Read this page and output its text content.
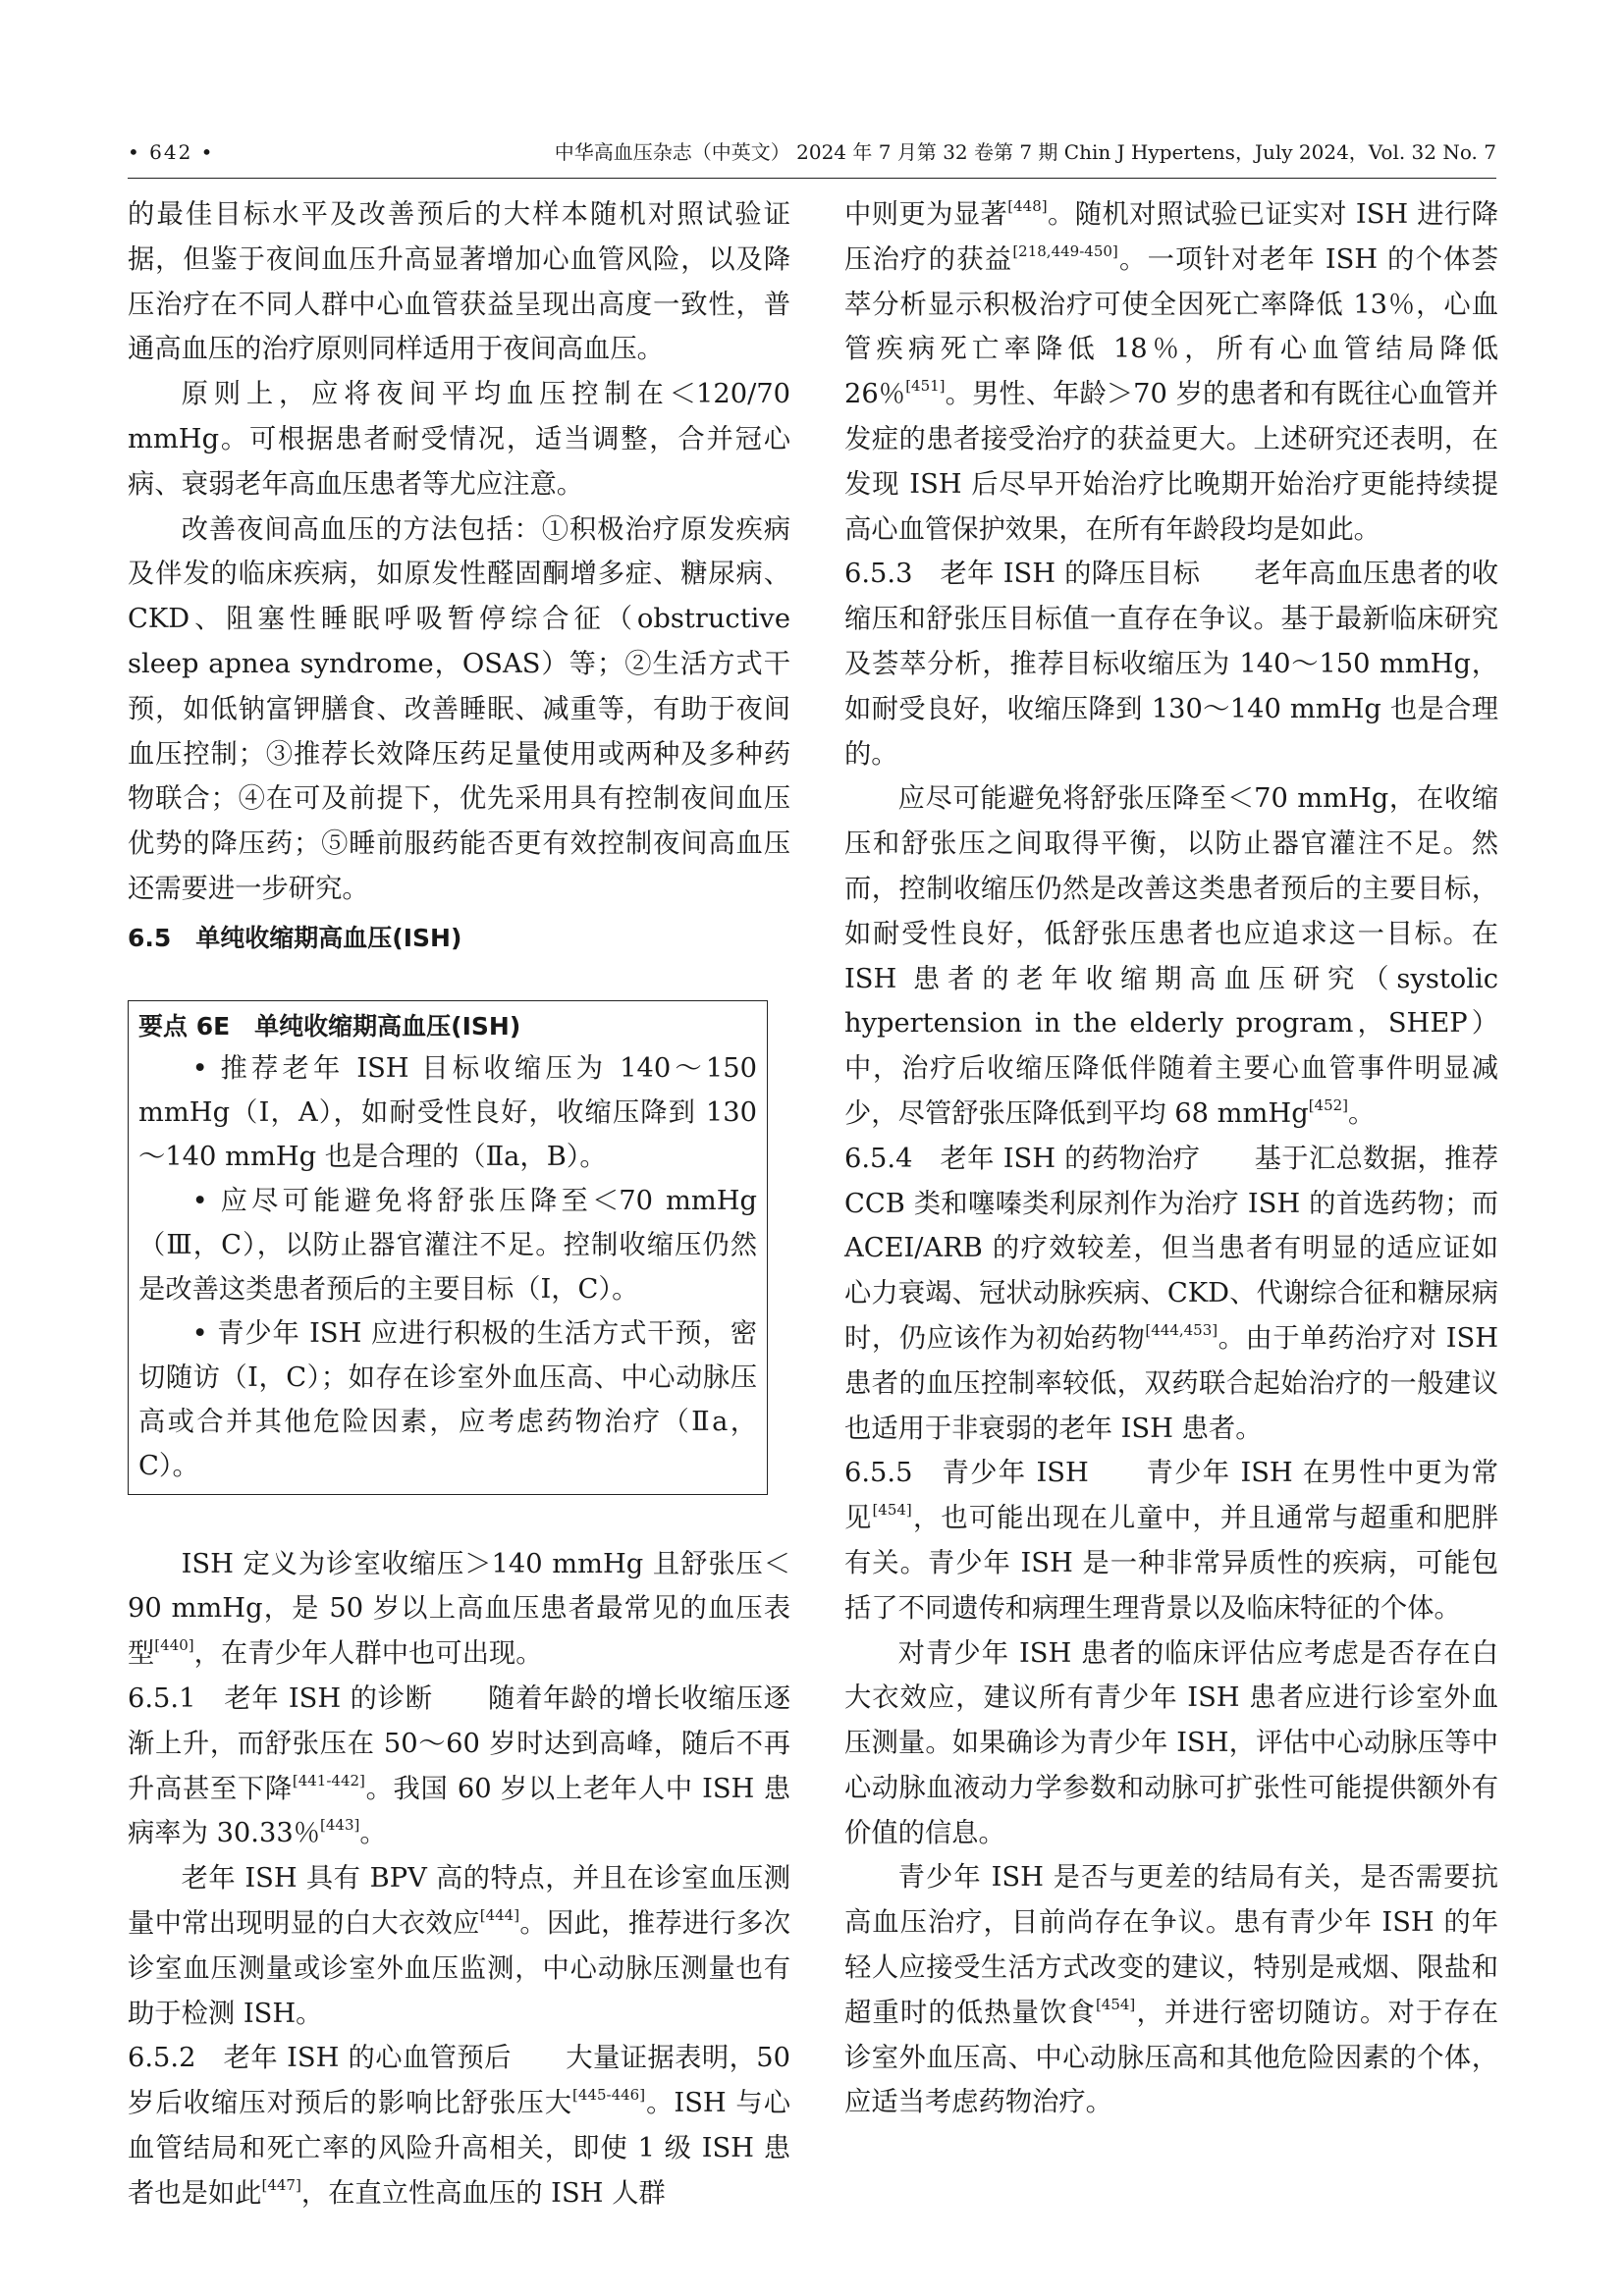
• 642 •	中华高血压杂志（中英文） 2024 年 7 月第 32 卷第 7 期 Chin J Hypertens，July 2024，Vol. 32 No. 7

的最佳目标水平及改善预后的大样本随机对照试验证据，但鉴于夜间血压升高显著增加心血管风险，以及降压治疗在不同人群中心血管获益呈现出高度一致性，普通高血压的治疗原则同样适用于夜间高血压。

原则上，应将夜间平均血压控制在＜120/70 mmHg。可根据患者耐受情况，适当调整，合并冠心病、衰弱老年高血压患者等尤应注意。

改善夜间高血压的方法包括：①积极治疗原发疾病及伴发的临床疾病，如原发性醛固酮增多症、糖尿病、CKD、阻塞性睡眠呼吸暂停综合征（obstructive sleep apnea syndrome，OSAS）等；②生活方式干预，如低钠富钾膳食、改善睡眠、减重等，有助于夜间血压控制；③推荐长效降压药足量使用或两种及多种药物联合；④在可及前提下，优先采用具有控制夜间血压优势的降压药；⑤睡前服药能否更有效控制夜间高血压还需要进一步研究。

6.5　单纯收缩期高血压(ISH)
要点 6E　单纯收缩期高血压(ISH)

• 推荐老年 ISH 目标收缩压为 140～150 mmHg（Ⅰ，A），如耐受性良好，收缩压降到 130～140 mmHg 也是合理的（Ⅱa，B）。

• 应尽可能避免将舒张压降至＜70 mmHg（Ⅲ，C），以防止器官灌注不足。控制收缩压仍然是改善这类患者预后的主要目标（Ⅰ，C）。

• 青少年 ISH 应进行积极的生活方式干预，密切随访（Ⅰ，C）；如存在诊室外血压高、中心动脉压高或合并其他危险因素，应考虑药物治疗（Ⅱa，C）。

ISH 定义为诊室收缩压＞140 mmHg 且舒张压＜90 mmHg，是 50 岁以上高血压患者最常见的血压表型[440]，在青少年人群中也可出现。

6.5.1　 老年 ISH 的诊断　　 随着年龄的增长收缩压逐渐上升，而舒张压在 50～60 岁时达到高峰，随后不再升高甚至下降[441-442]。我国 60 岁以上老年人中 ISH 患病率为 30.33％[443]。

老年 ISH 具有 BPV 高的特点，并且在诊室血压测量中常出现明显的白大衣效应[444]。因此，推荐进行多次诊室血压测量或诊室外血压监测，中心动脉压测量也有助于检测 ISH。

6.5.2　 老年 ISH 的心血管预后　　 大量证据表明，50 岁后收缩压对预后的影响比舒张压大[445-446]。ISH 与心血管结局和死亡率的风险升高相关，即使 1 级 ISH 患者也是如此[447]，在直立性高血压的 ISH 人群

中则更为显著[448]。随机对照试验已证实对 ISH 进行降压治疗的获益[218,449-450]。一项针对老年 ISH 的个体荟萃分析显示积极治疗可使全因死亡率降低 13％，心血管疾病死亡率降低 18％，所有心血管结局降低 26％[451]。男性、年龄＞70 岁的患者和有既往心血管并发症的患者接受治疗的获益更大。上述研究还表明，在发现 ISH 后尽早开始治疗比晚期开始治疗更能持续提高心血管保护效果，在所有年龄段均是如此。

6.5.3　 老年 ISH 的降压目标　　 老年高血压患者的收缩压和舒张压目标值一直存在争议。基于最新临床研究及荟萃分析，推荐目标收缩压为 140～150 mmHg，如耐受良好，收缩压降到 130～140 mmHg 也是合理的。

应尽可能避免将舒张压降至＜70 mmHg，在收缩压和舒张压之间取得平衡，以防止器官灌注不足。然而，控制收缩压仍然是改善这类患者预后的主要目标，如耐受性良好，低舒张压患者也应追求这一目标。在 ISH 患者的老年收缩期高血压研究（systolic hypertension in the elderly program，SHEP）中，治疗后收缩压降低伴随着主要心血管事件明显减少，尽管舒张压降低到平均 68 mmHg[452]。

6.5.4　 老年 ISH 的药物治疗　　 基于汇总数据，推荐 CCB 类和噻嗪类利尿剂作为治疗 ISH 的首选药物；而 ACEI/ARB 的疗效较差，但当患者有明显的适应证如心力衰竭、冠状动脉疾病、CKD、代谢综合征和糖尿病时，仍应该作为初始药物[444,453]。由于单药治疗对 ISH 患者的血压控制率较低，双药联合起始治疗的一般建议也适用于非衰弱的老年 ISH 患者。

6.5.5　 青少年 ISH　　 青少年 ISH 在男性中更为常见[454]，也可能出现在儿童中，并且通常与超重和肥胖有关。青少年 ISH 是一种非常异质性的疾病，可能包括了不同遗传和病理生理背景以及临床特征的个体。

对青少年 ISH 患者的临床评估应考虑是否存在白大衣效应，建议所有青少年 ISH 患者应进行诊室外血压测量。如果确诊为青少年 ISH，评估中心动脉压等中心动脉血液动力学参数和动脉可扩张性可能提供额外有价值的信息。

青少年 ISH 是否与更差的结局有关，是否需要抗高血压治疗，目前尚存在争议。患有青少年 ISH 的年轻人应接受生活方式改变的建议，特别是戒烟、限盐和超重时的低热量饮食[454]，并进行密切随访。对于存在诊室外血压高、中心动脉压高和其他危险因素的个体，应适当考虑药物治疗。
